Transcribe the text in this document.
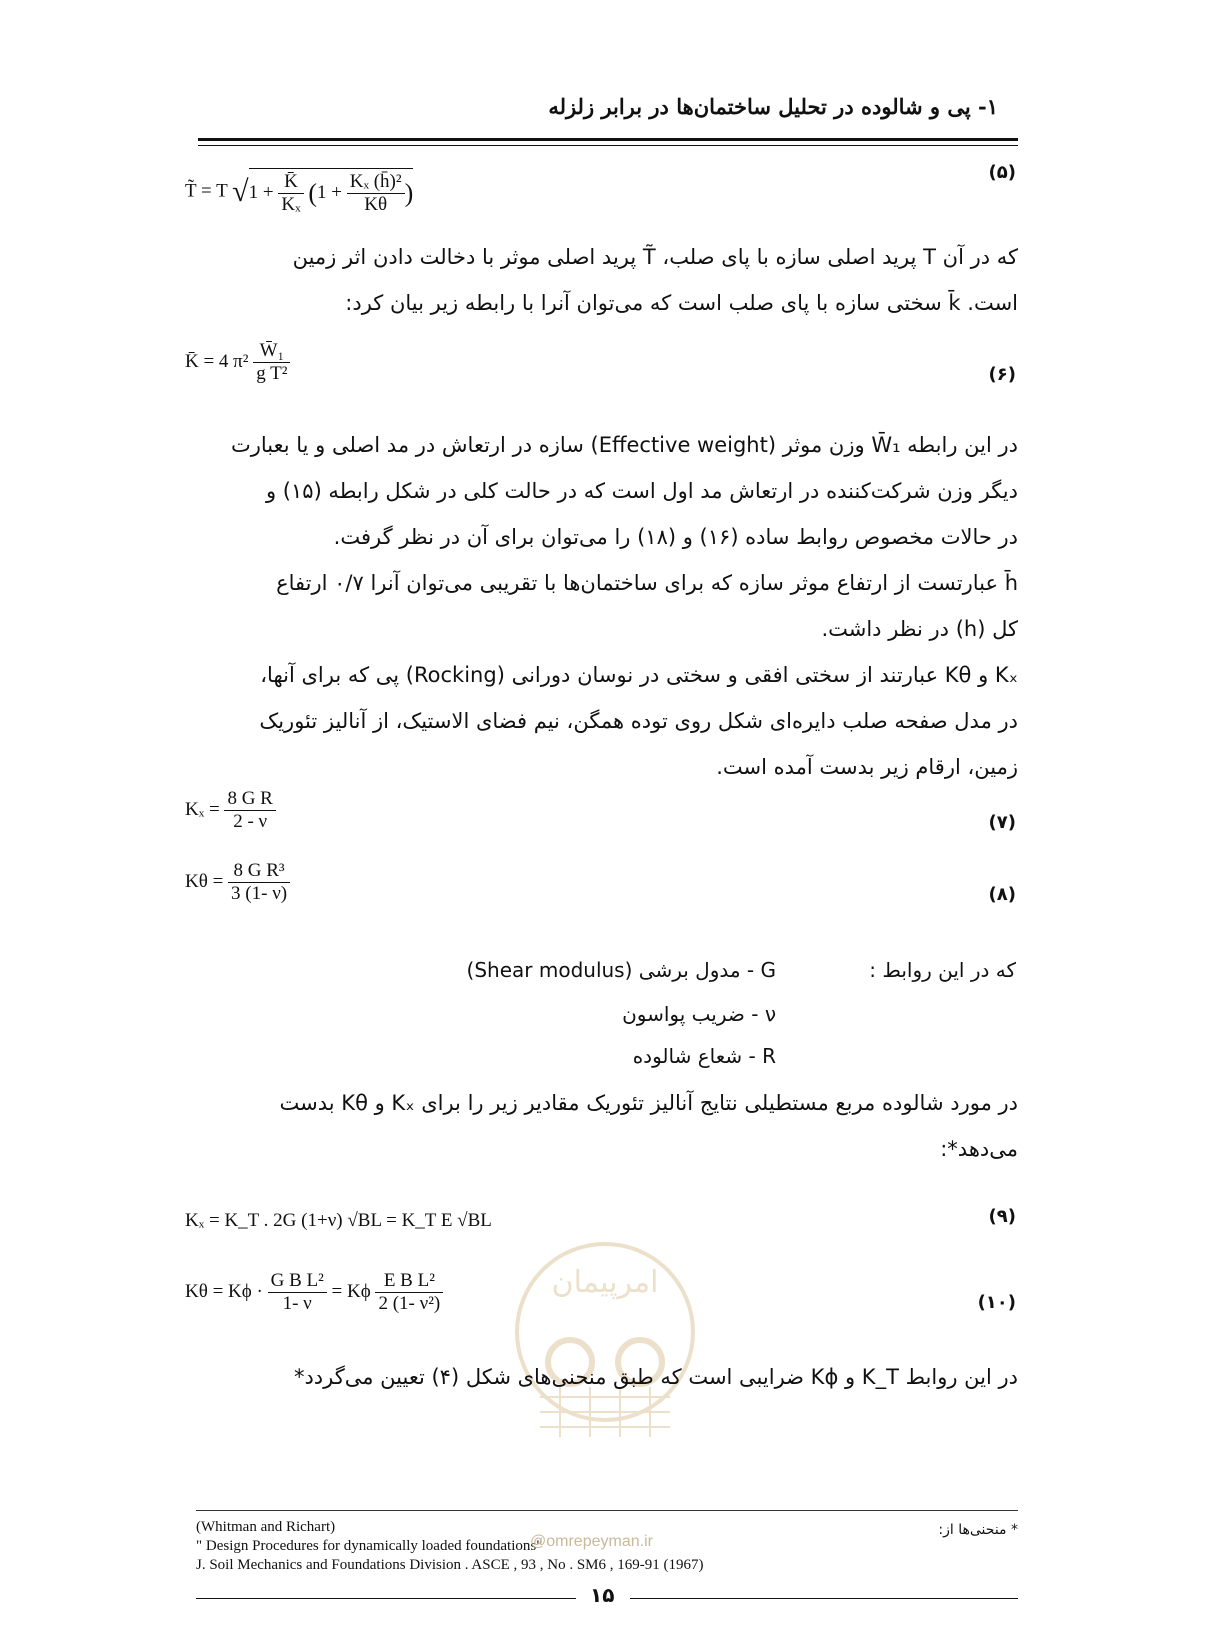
۱- پی و شالوده در تحلیل ساختمان‌ها در برابر زلزله
(۵)
T̃ = T $√1 + \frac{K̄}{\text{Kₓ}} (1 + \frac{\text{Kₓ (h̄)²}}{K\theta}$ )
که در آن T پرید اصلی سازه با پای صلب، T̃ پرید اصلی موثر با دخالت دادن اثر زمین
است. k̄ سختی سازه با پای صلب است که می‌توان آنرا با رابطه زیر بیان کرد:
(۶)
K̄ = 4 $\pi^2 \frac{\text{W̄₁}}{\text{g T²}}$
در این رابطه W̄₁ وزن موثر (Effective weight) سازه در ارتعاش در مد اصلی و یا بعبارت
دیگر وزن شرکت‌کننده در ارتعاش مد اول است که در حالت کلی در شکل رابطه (۱۵) و
در حالات مخصوص روابط ساده (۱۶) و (۱۸) را می‌توان برای آن در نظر گرفت.
h̄ عبارتست از ارتفاع موثر سازه که برای ساختمان‌ها با تقریبی می‌توان آنرا ۰/۷ ارتفاع
کل (h) در نظر داشت.
Kₓ و Kθ عبارتند از سختی افقی و سختی در نوسان دورانی (Rocking) پی که برای آنها،
در مدل صفحه صلب دایره‌ای شکل روی توده همگن، نیم فضای الاستیک، از آنالیز تئوریک
زمین، ارقام زیر بدست آمده است.
(۷)
$K_x = \frac{\text{8 G R}}{2 - \nu}$
(۸)
$K\theta = \frac{\text{8 G R³}}{3 (1- \nu)}$
که در این روابط :
G - مدول برشی (Shear modulus)
ν - ضریب پواسون
R - شعاع شالوده
در مورد شالوده مربع مستطیلی نتایج آنالیز تئوریک مقادیر زیر را برای Kₓ و Kθ بدست
می‌دهد*:
(۹)
Kₓ = K_T . 2G (1+ν) √BL = K_T E √BL
(۱۰)
$K\theta = K\phi \cdot \frac{\text{G B L²}}{1- \nu} = K\phi \frac{\text{E B L²}}{\text{2 (1- ν²)}}$	امرپیمان
در این روابط K_T و Kϕ ضرایبی است که طبق منحنی‌های شکل (۴) تعیین می‌گردد*
* منحنی‌ها از:
(Whitman and Richart)
" Design Procedures for dynamically loaded foundations"
J. Soil Mechanics and Foundations Division . ASCE , 93 , No . SM6 , 169-91 (1967)
@omrepeyman.ir
۱۵
